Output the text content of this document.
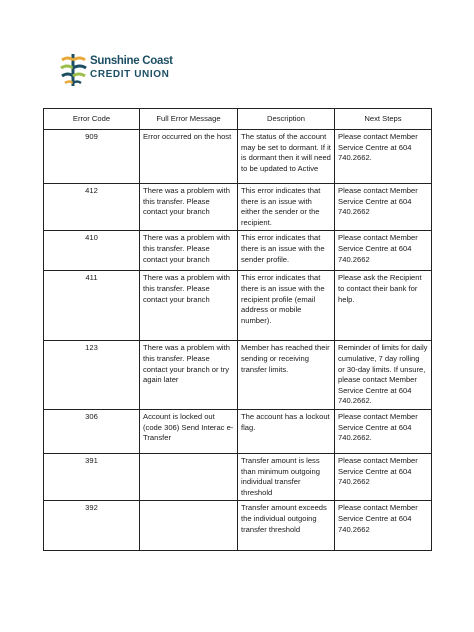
Sunshine Coast
CREDIT UNION
Error Code	Full Error Message	Description	Next Steps
909	Error occurred on the host	The status of the account may be set to dormant. If it is dormant then it will need to be updated to Active	Please contact Member Service Centre at 604 740.2662.
412	There was a problem with this transfer. Please contact your branch	This error indicates that there is an issue with either the sender or the recipient.	Please contact Member Service Centre at 604 740.2662
410	There was a problem with this transfer. Please contact your branch	This error indicates that there is an issue with the sender profile.	Please contact Member Service Centre at 604 740.2662
411	There was a problem with this transfer. Please contact your branch	This error indicates that there is an issue with the recipient profile (email address or mobile number).	Please ask the Recipient to contact their bank for help.
123	There was a problem with this transfer. Please contact your branch or try again later	Member has reached their sending or receiving transfer limits.	Reminder of limits for daily cumulative, 7 day rolling or 30-day limits. If unsure, please contact Member Service Centre at 604 740.2662.
306	Account is locked out (code 306) Send Interac e-Transfer	The account has a lockout flag.	Please contact Member Service Centre at 604 740.2662.
391		Transfer amount is less than minimum outgoing individual transfer threshold	Please contact Member Service Centre at 604 740.2662
392		Transfer amount exceeds the individual outgoing transfer threshold	Please contact Member Service Centre at 604 740.2662
